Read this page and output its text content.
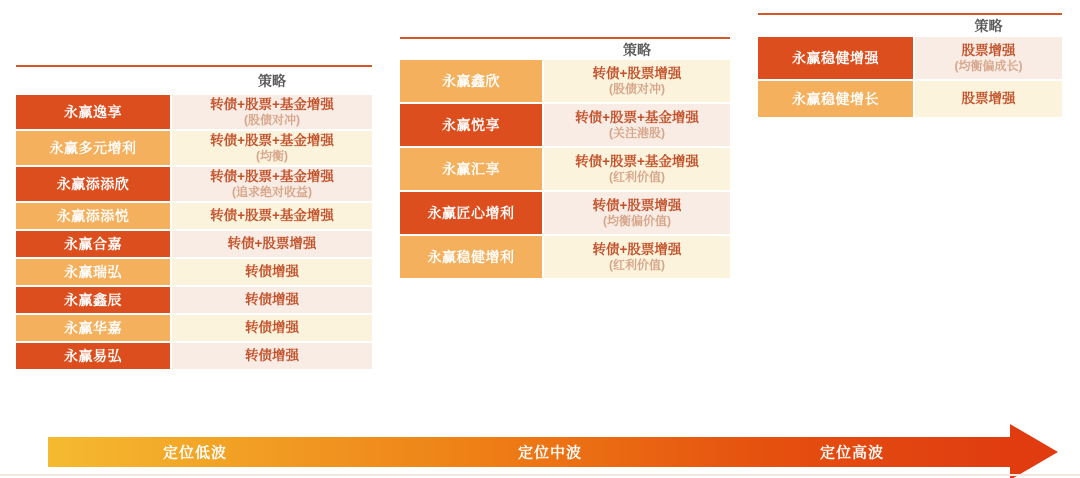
策略
永赢逸享	转债+股票+基金增强
(股债对冲)
永赢多元增利	转债+股票+基金增强
(均衡)
永赢添添欣	转债+股票+基金增强
(追求绝对收益)
永赢添添悦	转债+股票+基金增强
永赢合嘉	转债+股票增强
永赢瑞弘	转债增强
永赢鑫辰	转债增强
永赢华嘉	转债增强
永赢易弘	转债增强
策略
永赢鑫欣	转债+股票增强
(股债对冲)
永赢悦享	转债+股票+基金增强
(关注港股)
永赢汇享	转债+股票+基金增强
(红利价值)
永赢匠心增利	转债+股票增强
(均衡偏价值)
永赢稳健增利	转债+股票增强
(红利价值)
策略
永赢稳健增强	股票增强
(均衡偏成长)
永赢稳健增长	股票增强
定位低波	定位中波	定位高波
